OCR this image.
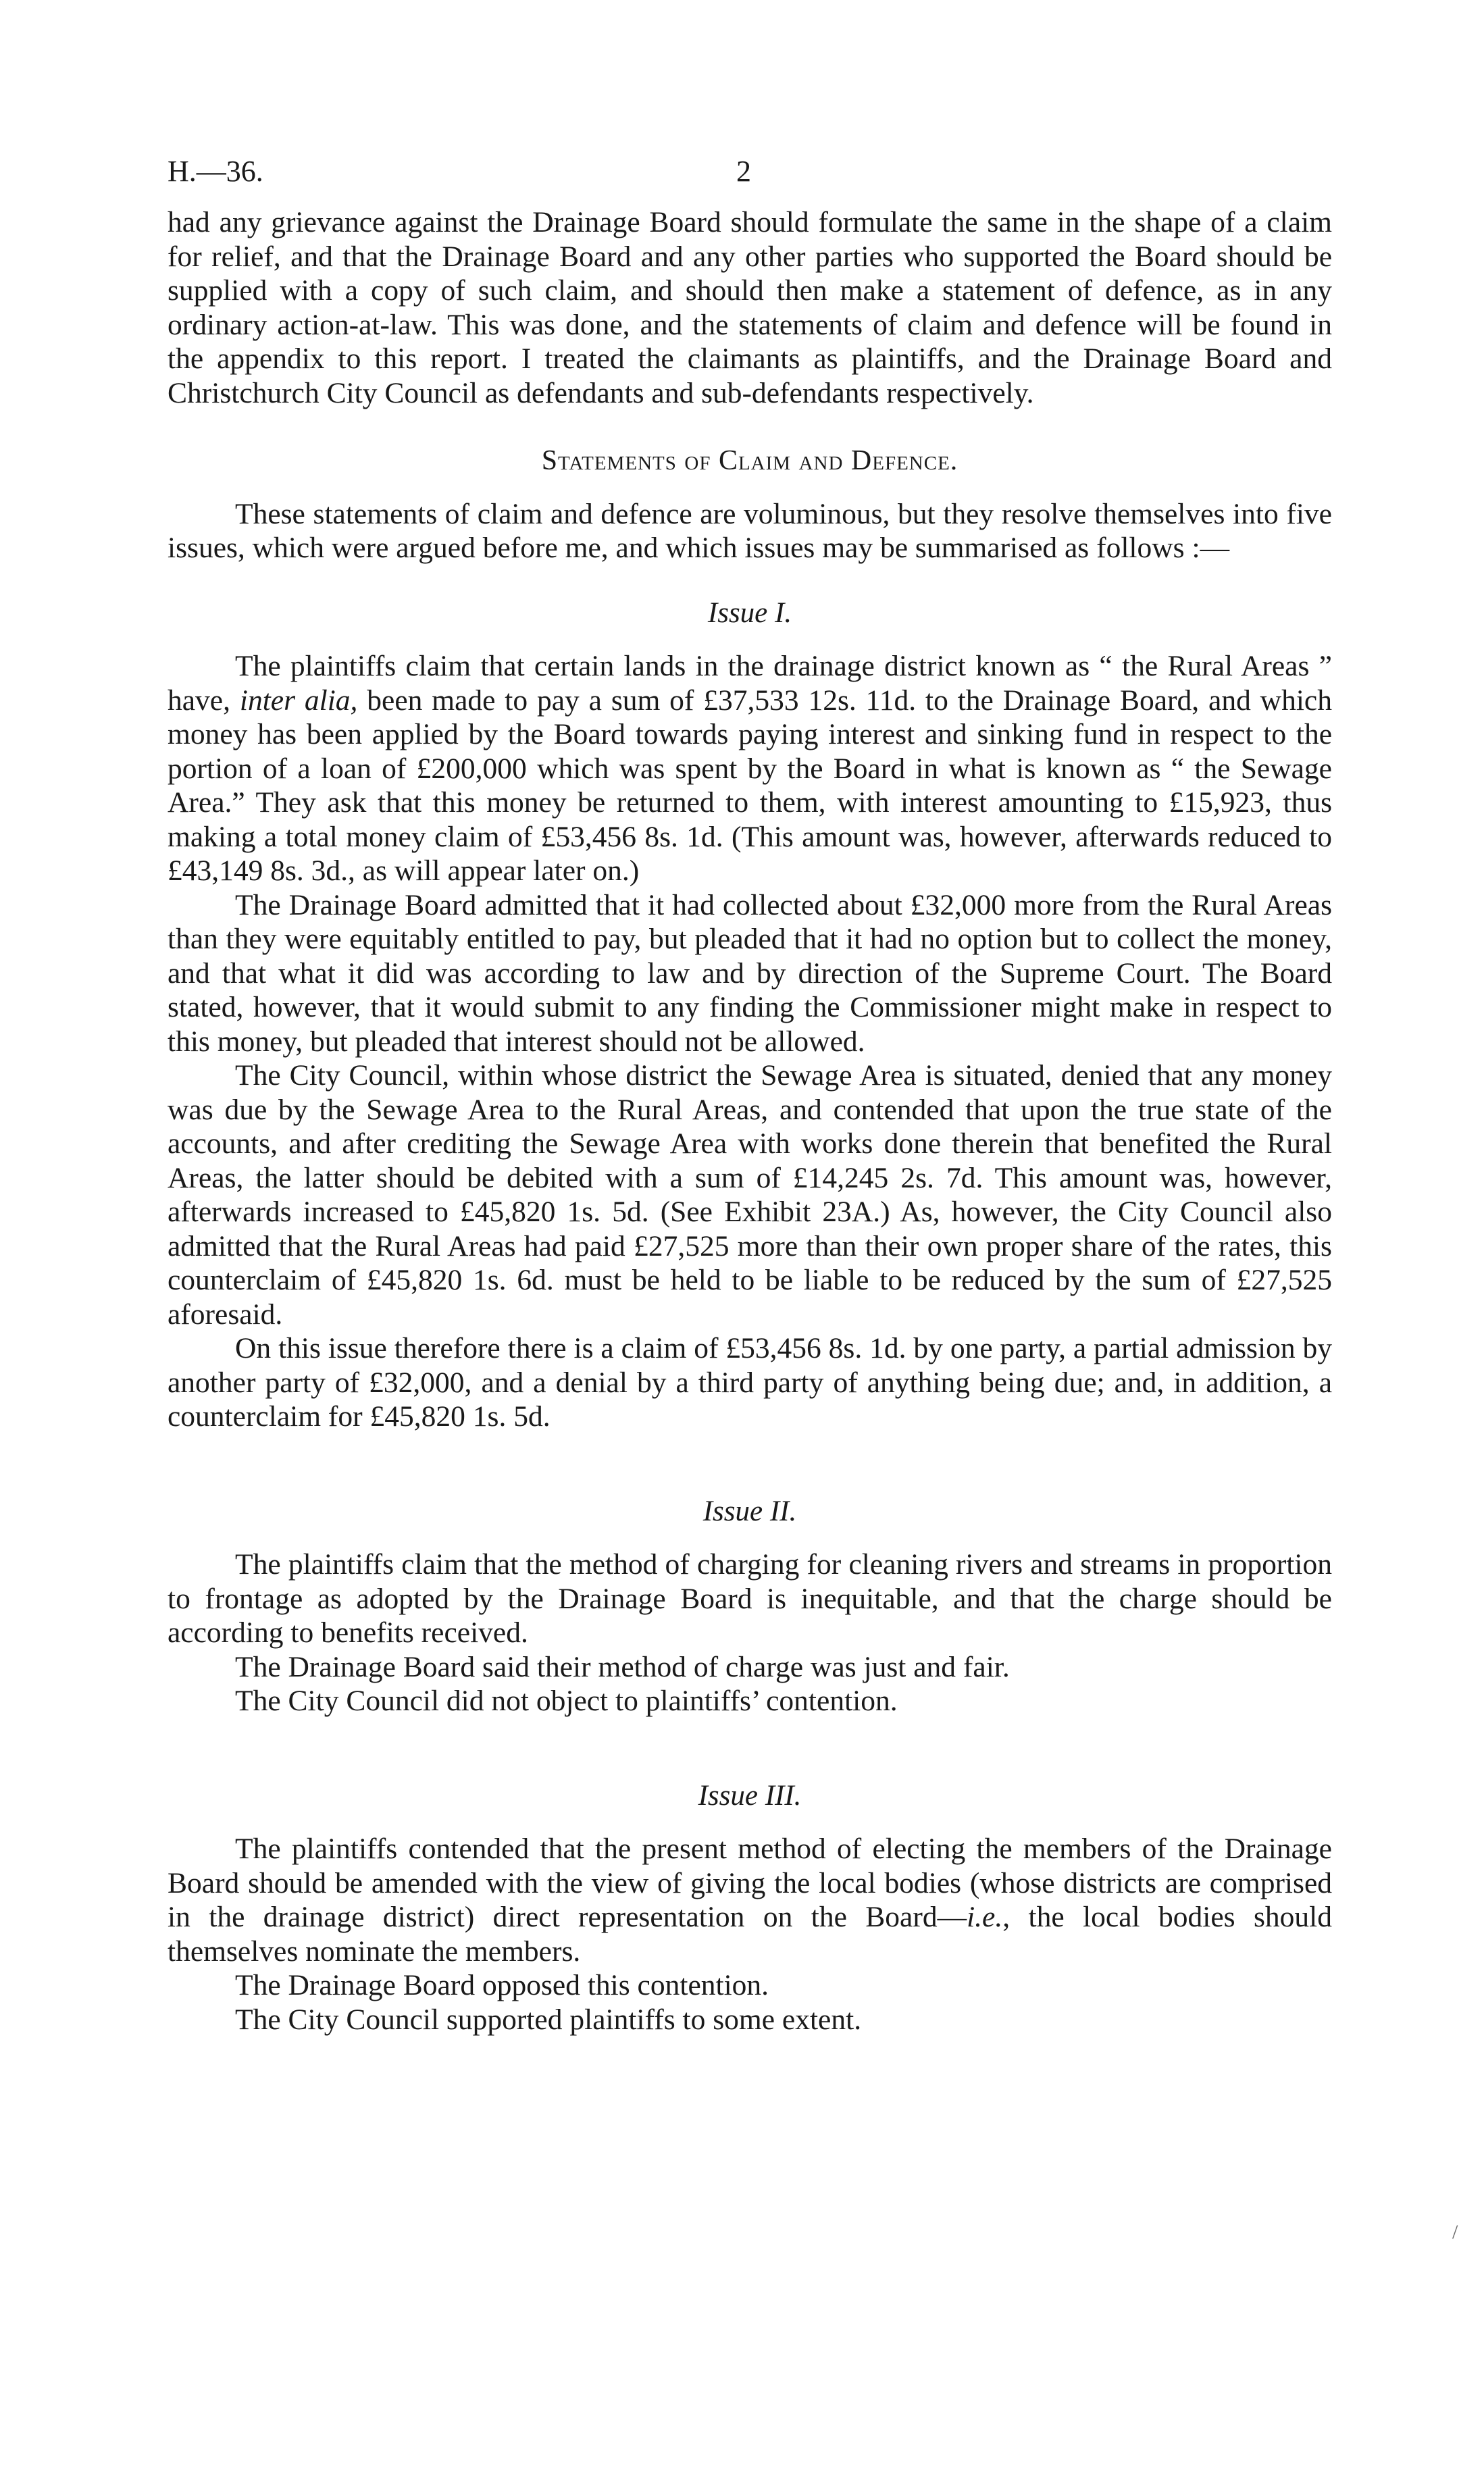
H.—36.	2

had any grievance against the Drainage Board should formulate the same in the shape of a claim for relief, and that the Drainage Board and any other parties who supported the Board should be supplied with a copy of such claim, and should then make a statement of defence, as in any ordinary action-at-law. This was done, and the statements of claim and defence will be found in the appendix to this report. I treated the claimants as plaintiffs, and the Drainage Board and Christchurch City Council as defendants and sub-defendants respectively.

Statements of Claim and Defence.

These statements of claim and defence are voluminous, but they resolve themselves into five issues, which were argued before me, and which issues may be summarised as follows :—

Issue I.

The plaintiffs claim that certain lands in the drainage district known as “ the Rural Areas ” have, inter alia, been made to pay a sum of £37,533 12s. 11d. to the Drainage Board, and which money has been applied by the Board towards paying interest and sinking fund in respect to the portion of a loan of £200,000 which was spent by the Board in what is known as “ the Sewage Area.” They ask that this money be returned to them, with interest amounting to £15,923, thus making a total money claim of £53,456 8s. 1d. (This amount was, however, afterwards reduced to £43,149 8s. 3d., as will appear later on.)

The Drainage Board admitted that it had collected about £32,000 more from the Rural Areas than they were equitably entitled to pay, but pleaded that it had no option but to collect the money, and that what it did was according to law and by direction of the Supreme Court. The Board stated, however, that it would submit to any finding the Commissioner might make in respect to this money, but pleaded that interest should not be allowed.

The City Council, within whose district the Sewage Area is situated, denied that any money was due by the Sewage Area to the Rural Areas, and contended that upon the true state of the accounts, and after crediting the Sewage Area with works done therein that benefited the Rural Areas, the latter should be debited with a sum of £14,245 2s. 7d. This amount was, however, afterwards increased to £45,820 1s. 5d. (See Exhibit 23A.) As, however, the City Council also admitted that the Rural Areas had paid £27,525 more than their own proper share of the rates, this counterclaim of £45,820 1s. 6d. must be held to be liable to be reduced by the sum of £27,525 aforesaid.

On this issue therefore there is a claim of £53,456 8s. 1d. by one party, a partial admission by another party of £32,000, and a denial by a third party of anything being due; and, in addition, a counterclaim for £45,820 1s. 5d.

Issue II.

The plaintiffs claim that the method of charging for cleaning rivers and streams in proportion to frontage as adopted by the Drainage Board is inequitable, and that the charge should be according to benefits received.

The Drainage Board said their method of charge was just and fair.

The City Council did not object to plaintiffs’ contention.

Issue III.

The plaintiffs contended that the present method of electing the members of the Drainage Board should be amended with the view of giving the local bodies (whose districts are comprised in the drainage district) direct representation on the Board—i.e., the local bodies should themselves nominate the members.

The Drainage Board opposed this contention.

The City Council supported plaintiffs to some extent.

/
